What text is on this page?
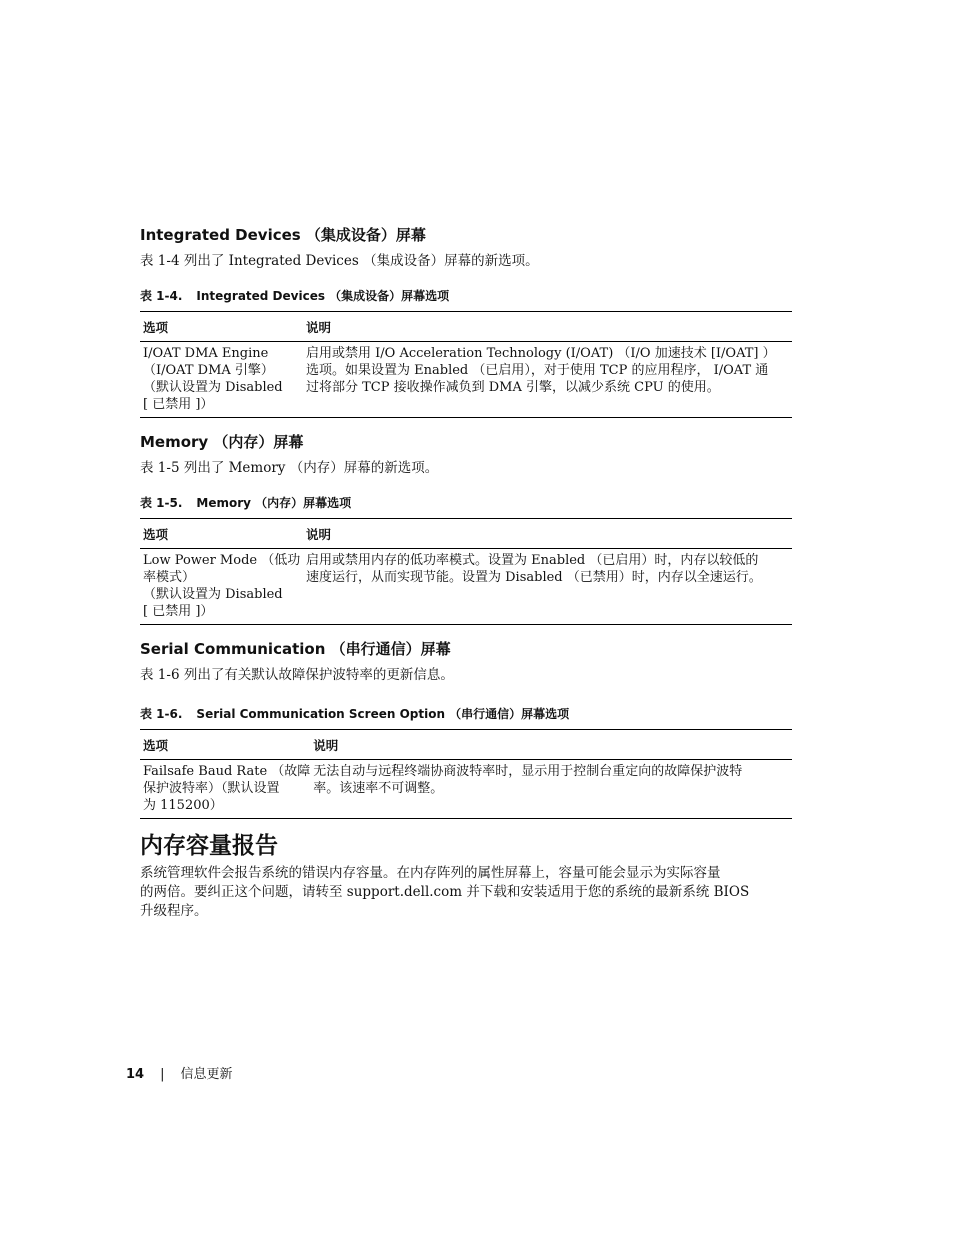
Integrated Devices （集成设备）屏幕

表 1-4 列出了 Integrated Devices （集成设备）屏幕的新选项。

表 1-4. Integrated Devices （集成设备）屏幕选项

选项	说明

I/OAT DMA Engine
（I/OAT DMA 引擎）
（默认设置为 Disabled
[ 已禁用 ]）	启用或禁用 I/O Acceleration Technology (I/OAT) （I/O 加速技术 [I/OAT] ）
选项。如果设置为 Enabled （已启用），对于使用 TCP 的应用程序， I/OAT 通
过将部分 TCP 接收操作减负到 DMA 引擎，以减少系统 CPU 的使用。
Memory （内存）屏幕

表 1-5 列出了 Memory （内存）屏幕的新选项。

表 1-5. Memory （内存）屏幕选项

选项	说明

Low Power Mode （低功
率模式）
（默认设置为 Disabled
[ 已禁用 ]）	启用或禁用内存的低功率模式。设置为 Enabled （已启用）时，内存以较低的
速度运行，从而实现节能。设置为 Disabled （已禁用）时，内存以全速运行。
Serial Communication （串行通信）屏幕

表 1-6 列出了有关默认故障保护波特率的更新信息。

表 1-6. Serial Communication Screen Option （串行通信）屏幕选项

选项	说明

Failsafe Baud Rate （故障
保护波特率）（默认设置
为 115200）	无法自动与远程终端协商波特率时，显示用于控制台重定向的故障保护波特
率。该速率不可调整。
内存容量报告

系统管理软件会报告系统的错误内存容量。在内存阵列的属性屏幕上，容量可能会显示为实际容量
的两倍。要纠正这个问题，请转至 support.dell.com 并下载和安装适用于您的系统的最新系统 BIOS
升级程序。

14 | 信息更新
